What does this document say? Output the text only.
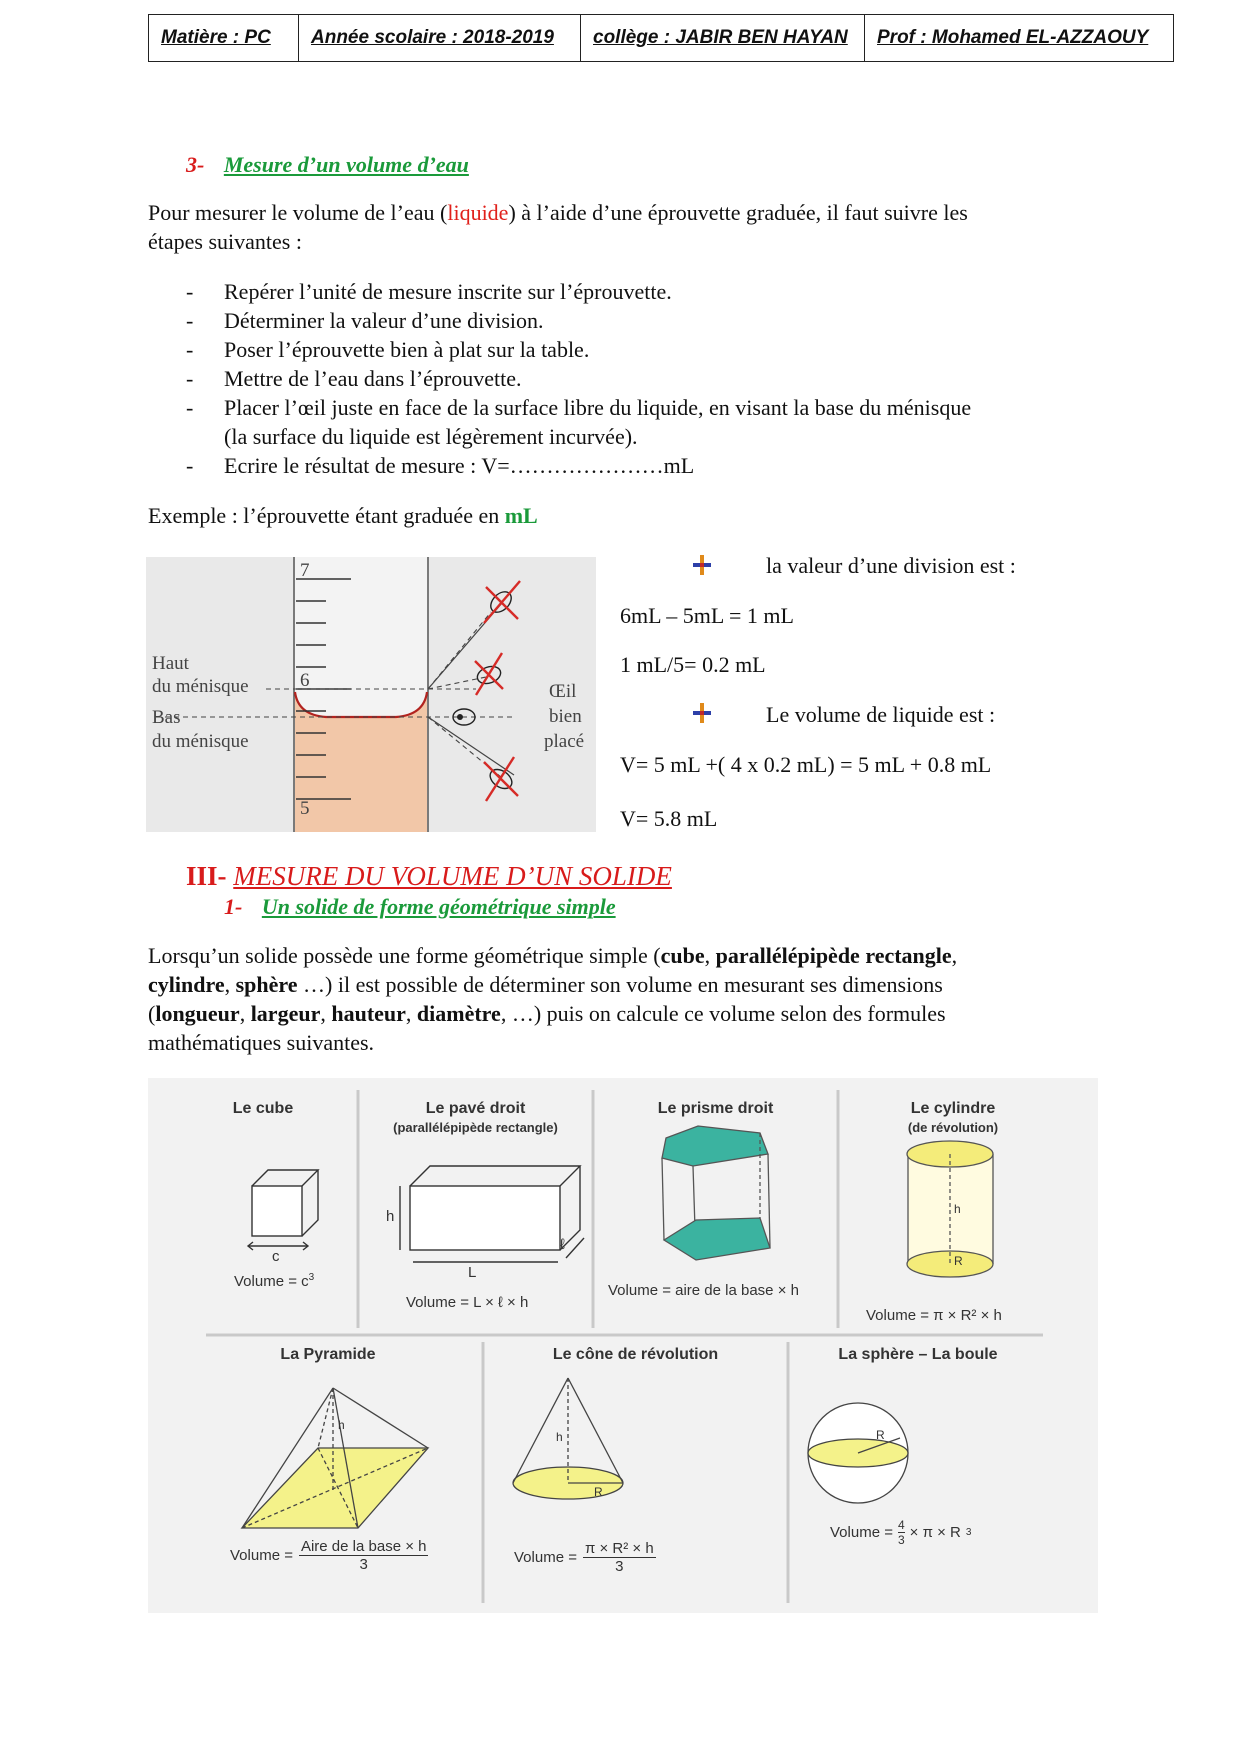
Matière : PC	Année scolaire : 2018-2019	collège : JABIR BEN HAYAN	Prof : Mohamed EL-AZZAOUY
3- Mesure d’un volume d’eau
Pour mesurer le volume de l’eau (liquide) à l’aide d’une éprouvette graduée, il faut suivre les
étapes suivantes :
- Repérer l’unité de mesure inscrite sur l’éprouvette.
- Déterminer la valeur d’une division.
- Poser l’éprouvette bien à plat sur la table.
- Mettre de l’eau dans l’éprouvette.
- Placer l’œil juste en face de la surface libre du liquide, en visant la base du ménisque
(la surface du liquide est légèrement incurvée).
- Ecrire le résultat de mesure : V=…………………mL
Exemple : l’éprouvette étant graduée en mL
7
6
5
Haut
du ménisque
Bas
du ménisque
Œil
bien
placé
la valeur d’une division est :
6mL – 5mL = 1 mL
1 mL/5= 0.2 mL
Le volume de liquide est :
V= 5 mL +( 4 x 0.2 mL) = 5 mL + 0.8 mL
V= 5.8 mL
III- MESURE DU VOLUME D’UN SOLIDE
1- Un solide de forme géométrique simple
Lorsqu’un solide possède une forme géométrique simple (cube, parallélépipède rectangle,
cylindre, sphère …) il est possible de déterminer son volume en mesurant ses dimensions
(longueur, largeur, hauteur, diamètre, …) puis on calcule ce volume selon des formules
mathématiques suivantes.
Le cube	Le pavé droit
(parallélépipède rectangle)
Le prisme droit	Le cylindre
(de révolution)
La Pyramide	Le cône de révolution	La sphère – La boule
c
h
L
ℓ
h
R
h
h
R
R
Volume = $c^3$
Volume = L × ℓ × h
Volume = aire de la base × h
Volume = π × R² × h
Volume =
Aire de la base × h
3	Volume = $\frac{\text{π × R² × h}}{3}$
Volume = $\frac{4}{3} \times \pi \times R$ 3
